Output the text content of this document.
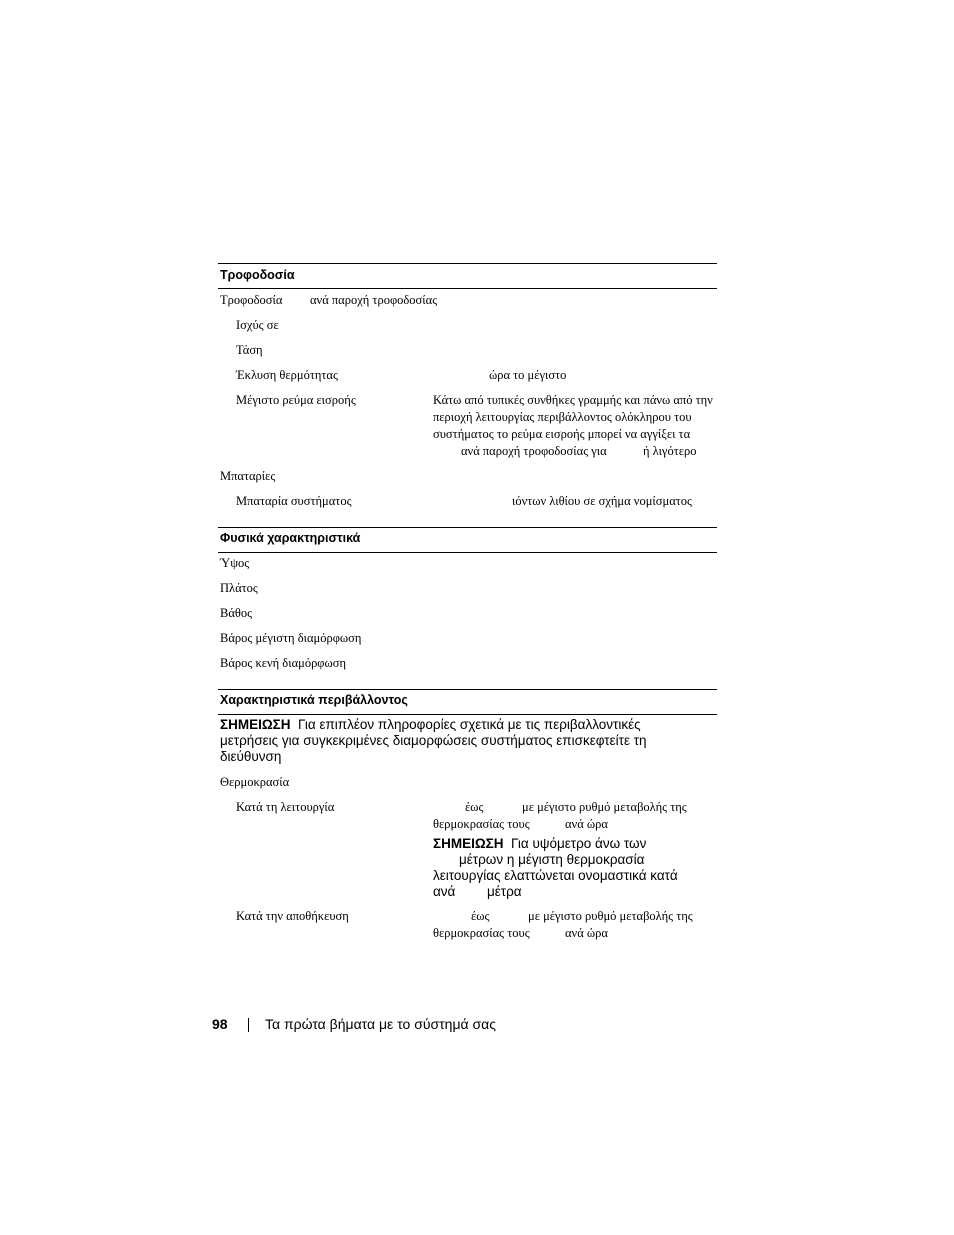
Τροφοδοσία
Τροφοδοσία ανά παροχή τροφοδοσίας
Ισχύς σε
Τάση
Έκλυση θερμότητας	ώρα το μέγιστο
Μέγιστο ρεύμα εισροής	Κάτω από τυπικές συνθήκες γραμμής και πάνω από την
περιοχή λειτουργίας περιβάλλοντος ολόκληρου του
συστήματος το ρεύμα εισροής μπορεί να αγγίξει τα
ανά παροχή τροφοδοσίας για	ή λιγότερο
Μπαταρίες
Μπαταρία συστήματος	ιόντων λιθίου σε σχήμα νομίσματος
Φυσικά χαρακτηριστικά
Ύψος
Πλάτος
Βάθος
Βάρος μέγιστη διαμόρφωση
Βάρος κενή διαμόρφωση
Χαρακτηριστικά περιβάλλοντος
ΣΗΜΕΙΩΣΗ Για επιπλέον πληροφορίες σχετικά με τις περιβαλλοντικές
μετρήσεις για συγκεκριμένες διαμορφώσεις συστήματος επισκεφτείτε τη
διεύθυνση
Θερμοκρασία
Κατά τη λειτουργία	έως	με μέγιστο ρυθμό μεταβολής της
θερμοκρασίας τους	ανά ώρα
ΣΗΜΕΙΩΣΗ Για υψόμετρο άνω των
μέτρων η μέγιστη θερμοκρασία
λειτουργίας ελαττώνεται ονομαστικά κατά
ανά μέτρα
Κατά την αποθήκευση	έως	με μέγιστο ρυθμό μεταβολής της
θερμοκρασίας τους	ανά ώρα
98	Τα πρώτα βήματα με το σύστημά σας
